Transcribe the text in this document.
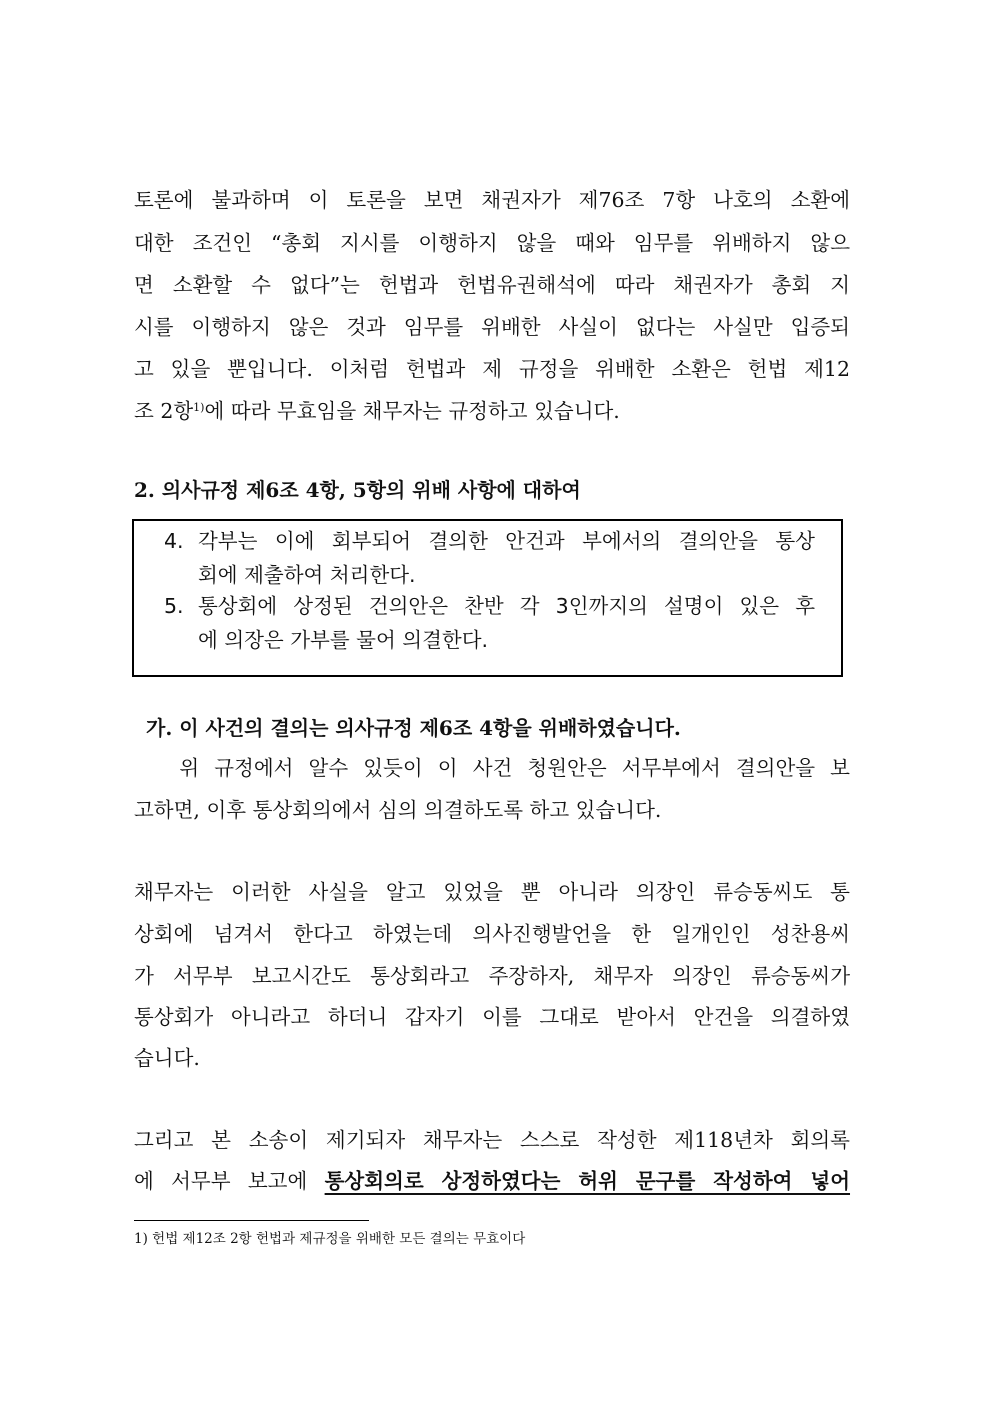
토론에 불과하며 이 토론을 보면 채권자가 제76조 7항 나호의 소환에
대한 조건인 “총회 지시를 이행하지 않을 때와 임무를 위배하지 않으
면 소환할 수 없다”는 헌법과 헌법유권해석에 따라 채권자가 총회 지
시를 이행하지 않은 것과 임무를 위배한 사실이 없다는 사실만 입증되
고 있을 뿐입니다. 이처럼 헌법과 제 규정을 위배한 소환은 헌법 제12
조 2항$^{1)}$에 따라 무효임을 채무자는 규정하고 있습니다.
2. 의사규정 제6조 4항, 5항의 위배 사항에 대하여
4. 각부는 이에 회부되어 결의한 안건과 부에서의 결의안을 통상
회에 제출하여 처리한다.
5. 통상회에 상정된 건의안은 찬반 각 3인까지의 설명이 있은 후
에 의장은 가부를 물어 의결한다.
가. 이 사건의 결의는 의사규정 제6조 4항을 위배하였습니다.
위 규정에서 알수 있듯이 이 사건 청원안은 서무부에서 결의안을 보
고하면, 이후 통상회의에서 심의 의결하도록 하고 있습니다.
채무자는 이러한 사실을 알고 있었을 뿐 아니라 의장인 류승동씨도 통
상회에 넘겨서 한다고 하였는데 의사진행발언을 한 일개인인 성찬용씨
가 서무부 보고시간도 통상회라고 주장하자, 채무자 의장인 류승동씨가
통상회가 아니라고 하더니 갑자기 이를 그대로 받아서 안건을 의결하였
습니다.
그리고 본 소송이 제기되자 채무자는 스스로 작성한 제118년차 회의록
에 서무부 보고에 통상회의로 상정하였다는 허위 문구를 작성하여 넣어
1) 헌법 제12조 2항 헌법과 제규정을 위배한 모든 결의는 무효이다
